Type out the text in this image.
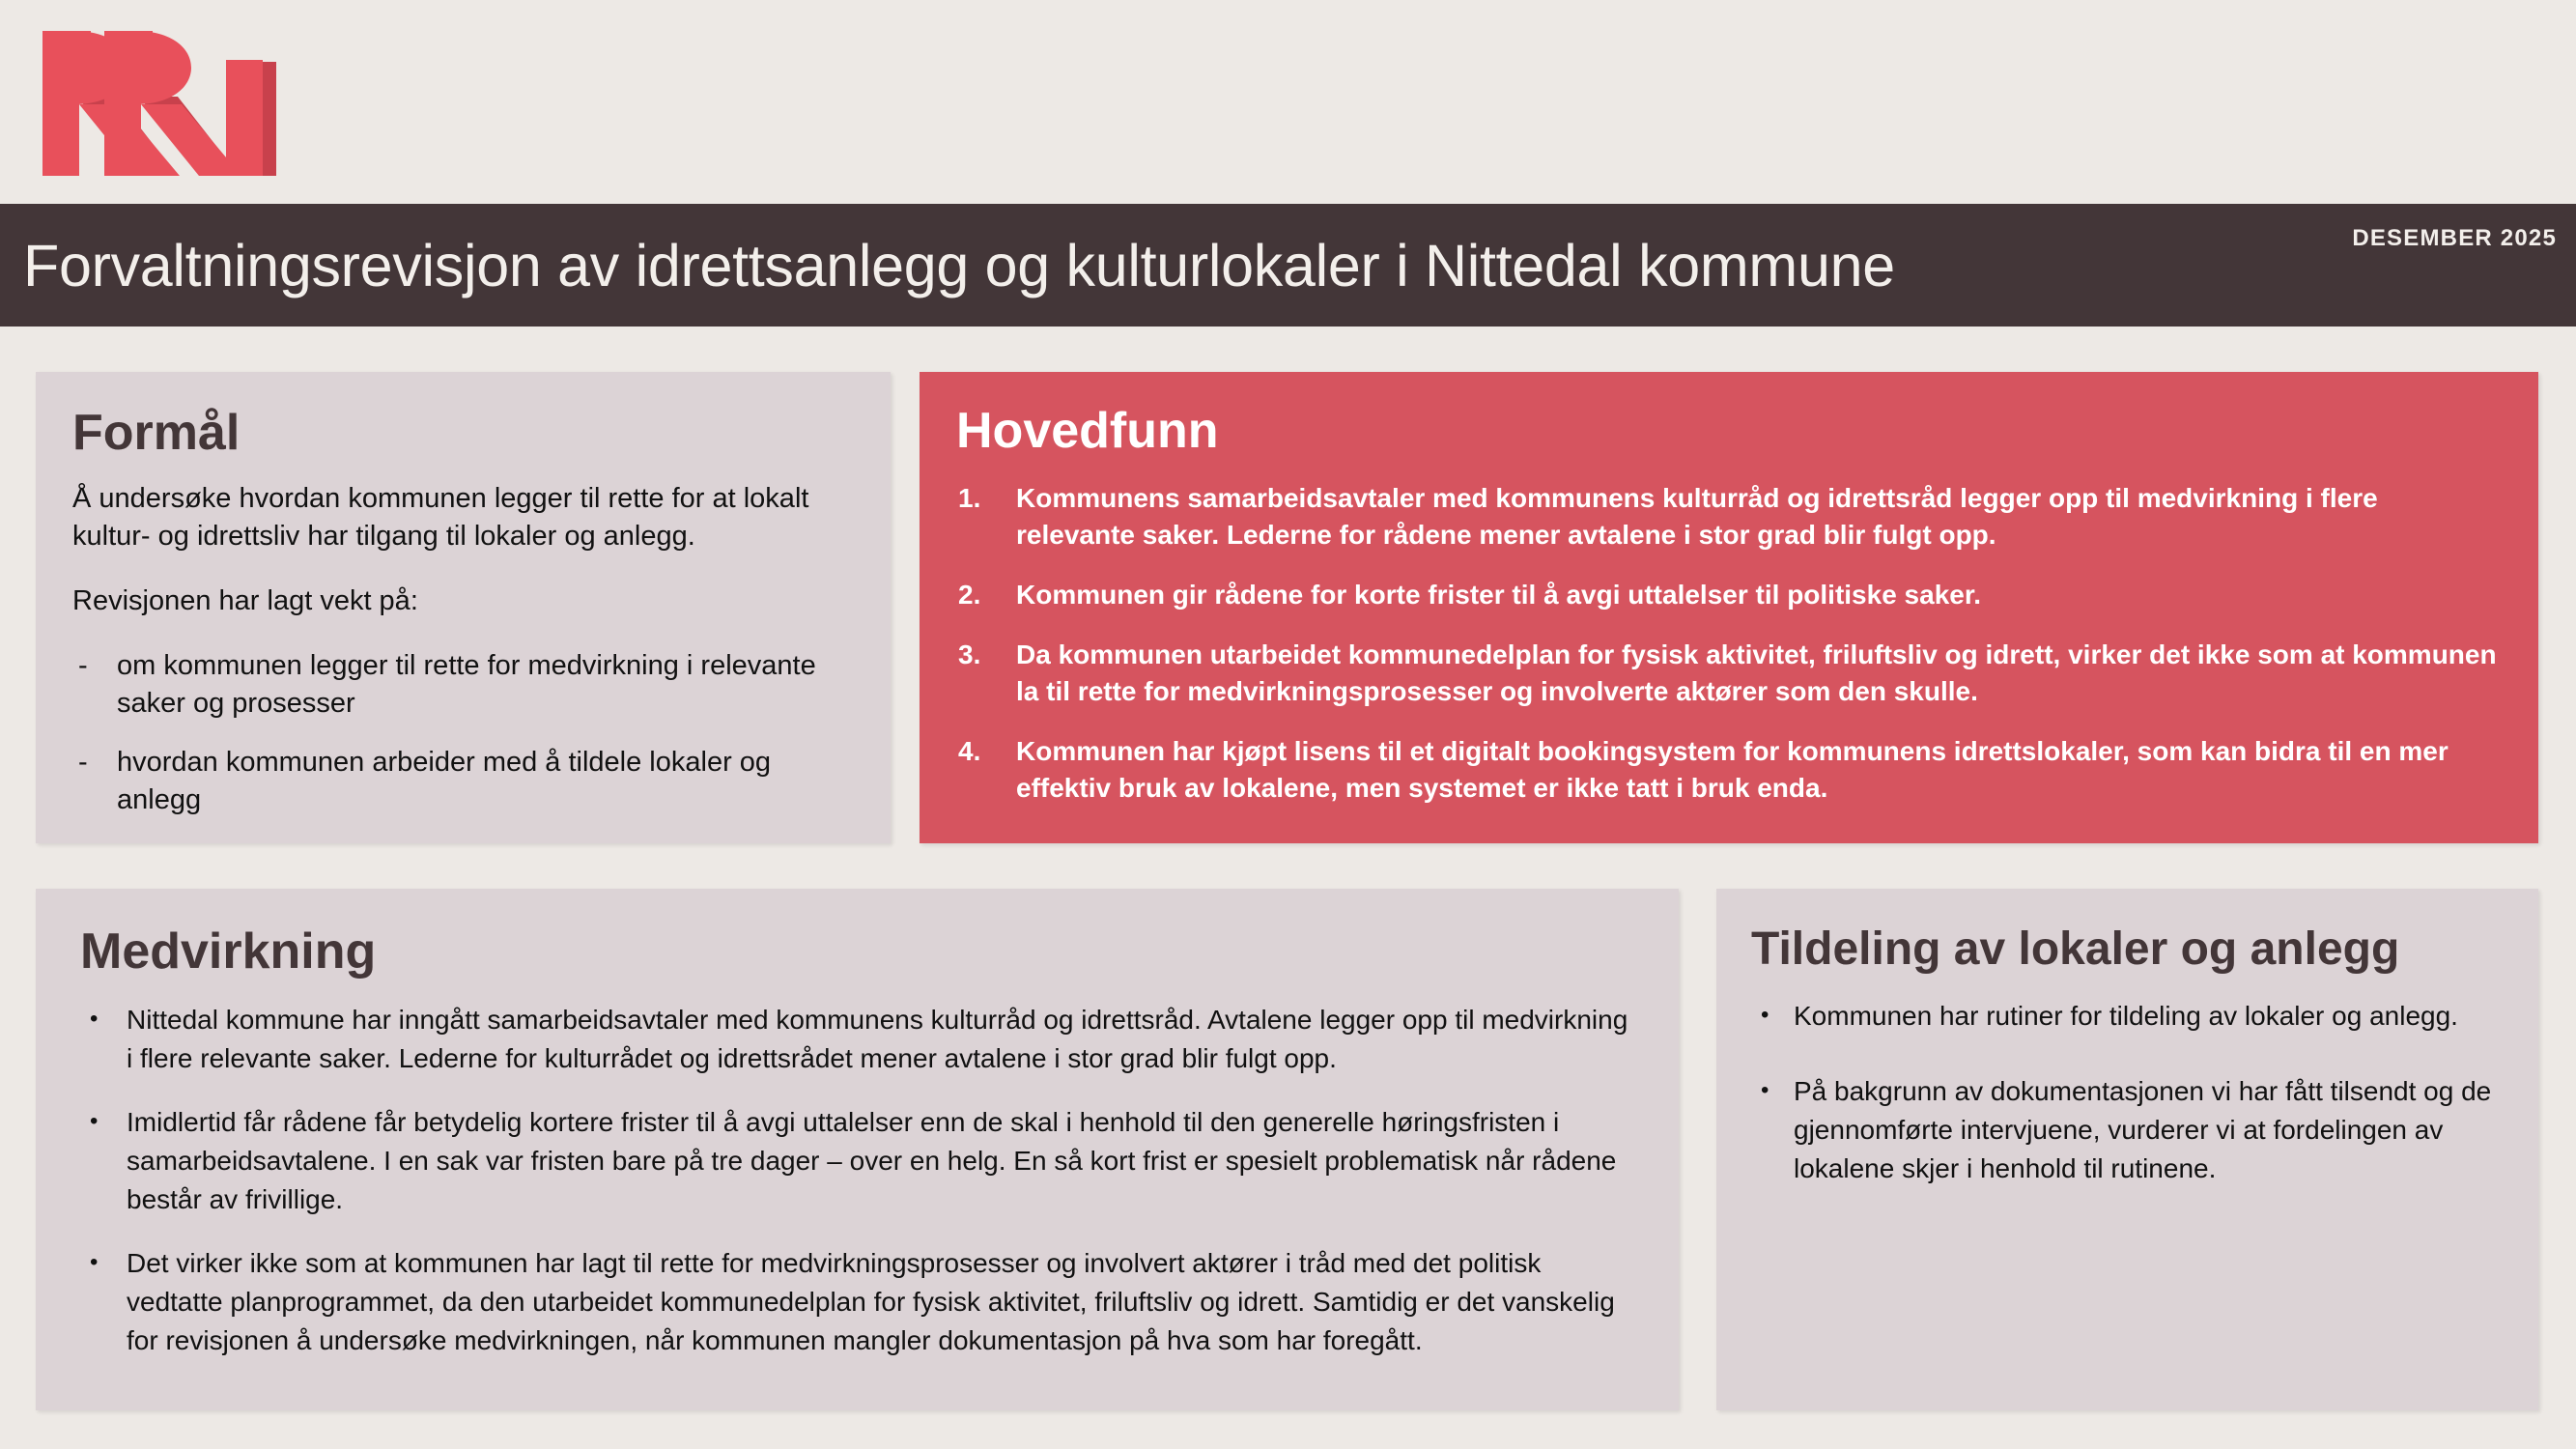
Forvaltningsrevisjon av idrettsanlegg og kulturlokaler i Nittedal kommune	DESEMBER 2025
Formål

Å undersøke hvordan kommunen legger til rette for at lokalt kultur- og idrettsliv har tilgang til lokaler og anlegg.

Revisjonen har lagt vekt på:

- om kommunen legger til rette for medvirkning i relevante saker og prosesser
- hvordan kommunen arbeider med å tildele lokaler og anlegg
Hovedfunn
1. Kommunens samarbeidsavtaler med kommunens kulturråd og idrettsråd legger opp til medvirkning i flere relevante saker. Lederne for rådene mener avtalene i stor grad blir fulgt opp.
2. Kommunen gir rådene for korte frister til å avgi uttalelser til politiske saker.
3. Da kommunen utarbeidet kommunedelplan for fysisk aktivitet, friluftsliv og idrett, virker det ikke som at kommunen la til rette for medvirkningsprosesser og involverte aktører som den skulle.
4. Kommunen har kjøpt lisens til et digitalt bookingsystem for kommunens idrettslokaler, som kan bidra til en mer effektiv bruk av lokalene, men systemet er ikke tatt i bruk enda.
Medvirkning
• Nittedal kommune har inngått samarbeidsavtaler med kommunens kulturråd og idrettsråd. Avtalene legger opp til medvirkning i flere relevante saker. Lederne for kulturrådet og idrettsrådet mener avtalene i stor grad blir fulgt opp.
• Imidlertid får rådene får betydelig kortere frister til å avgi uttalelser enn de skal i henhold til den generelle høringsfristen i samarbeidsavtalene. I en sak var fristen bare på tre dager – over en helg. En så kort frist er spesielt problematisk når rådene består av frivillige.
• Det virker ikke som at kommunen har lagt til rette for medvirkningsprosesser og involvert aktører i tråd med det politisk vedtatte planprogrammet, da den utarbeidet kommunedelplan for fysisk aktivitet, friluftsliv og idrett. Samtidig er det vanskelig for revisjonen å undersøke medvirkningen, når kommunen mangler dokumentasjon på hva som har foregått.
Tildeling av lokaler og anlegg
• Kommunen har rutiner for tildeling av lokaler og anlegg.
• På bakgrunn av dokumentasjonen vi har fått tilsendt og de gjennomførte intervjuene, vurderer vi at fordelingen av lokalene skjer i henhold til rutinene.
